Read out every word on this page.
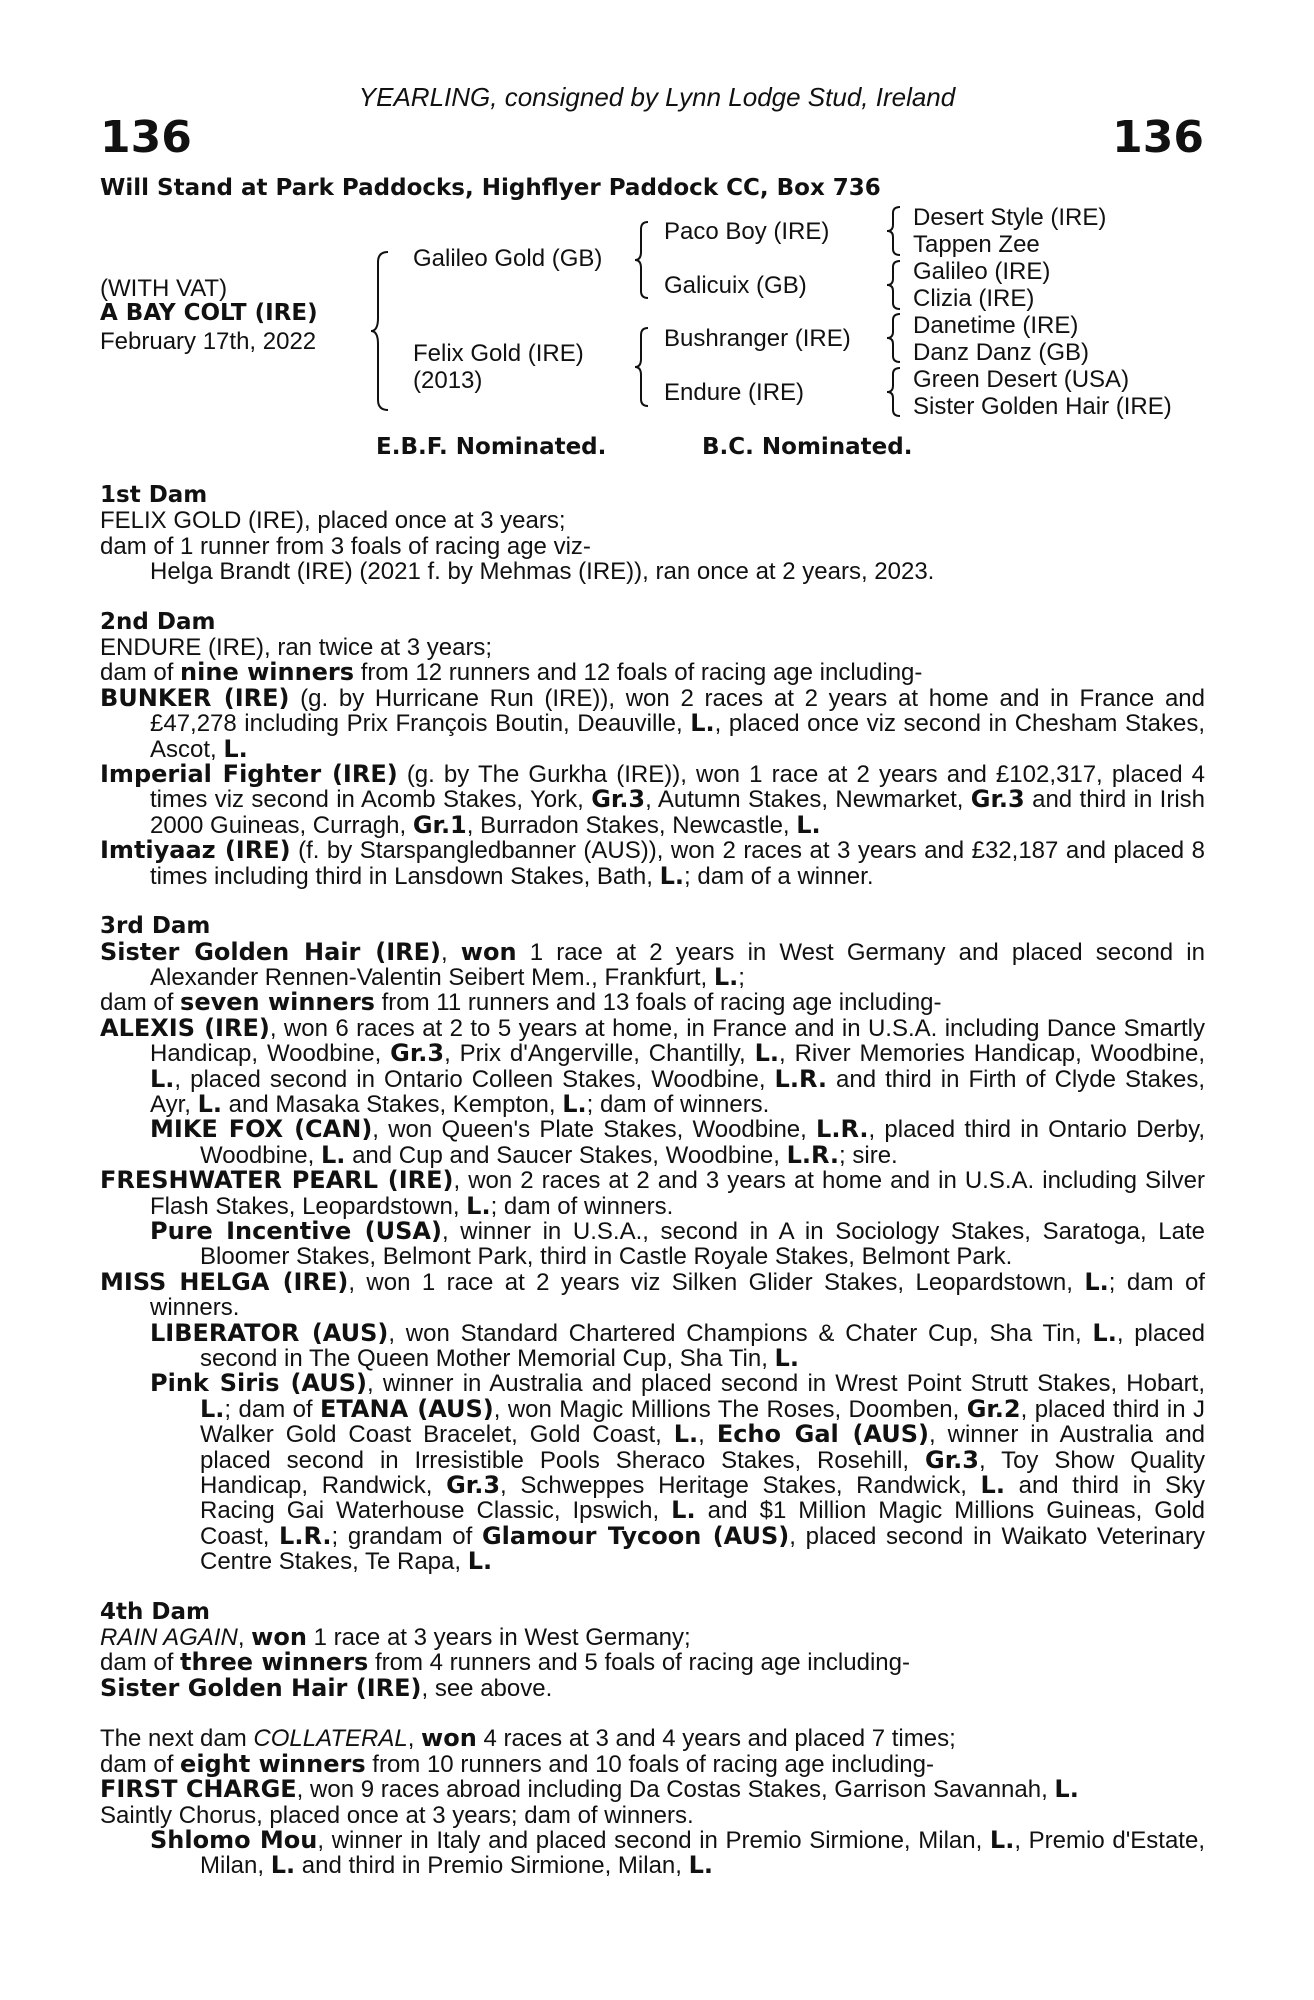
YEARLING, consigned by Lynn Lodge Stud, Ireland
136	136
Will Stand at Park Paddocks, Highflyer Paddock CC, Box 736
(WITH VAT)
A BAY COLT (IRE)
February 17th, 2022
Galileo Gold (GB)
Felix Gold (IRE)
(2013)
Paco Boy (IRE)
Galicuix (GB)
Bushranger (IRE)
Endure (IRE)
Desert Style (IRE)
Tappen Zee
Galileo (IRE)
Clizia (IRE)
Danetime (IRE)
Danz Danz (GB)
Green Desert (USA)
Sister Golden Hair (IRE)
E.B.F. Nominated.	B.C. Nominated.

1st Dam

FELIX GOLD (IRE), placed once at 3 years;

dam of 1 runner from 3 foals of racing age viz-

Helga Brandt (IRE) (2021 f. by Mehmas (IRE)), ran once at 2 years, 2023.

2nd Dam

ENDURE (IRE), ran twice at 3 years;

dam of nine winners from 12 runners and 12 foals of racing age including-

BUNKER (IRE) (g. by Hurricane Run (IRE)), won 2 races at 2 years at home and in France and £47,278 including Prix François Boutin, Deauville, L., placed once viz second in Chesham Stakes, Ascot, L.

Imperial Fighter (IRE) (g. by The Gurkha (IRE)), won 1 race at 2 years and £102,317, placed 4 times viz second in Acomb Stakes, York, Gr.3, Autumn Stakes, Newmarket, Gr.3 and third in Irish 2000 Guineas, Curragh, Gr.1, Burradon Stakes, Newcastle, L.

Imtiyaaz (IRE) (f. by Starspangledbanner (AUS)), won 2 races at 3 years and £32,187 and placed 8 times including third in Lansdown Stakes, Bath, L.; dam of a winner.

3rd Dam

Sister Golden Hair (IRE), won 1 race at 2 years in West Germany and placed second in Alexander Rennen-Valentin Seibert Mem., Frankfurt, L.;

dam of seven winners from 11 runners and 13 foals of racing age including-

ALEXIS (IRE), won 6 races at 2 to 5 years at home, in France and in U.S.A. including Dance Smartly Handicap, Woodbine, Gr.3, Prix d'Angerville, Chantilly, L., River Memories Handicap, Woodbine, L., placed second in Ontario Colleen Stakes, Woodbine, L.R. and third in Firth of Clyde Stakes, Ayr, L. and Masaka Stakes, Kempton, L.; dam of winners.

MIKE FOX (CAN), won Queen's Plate Stakes, Woodbine, L.R., placed third in Ontario Derby, Woodbine, L. and Cup and Saucer Stakes, Woodbine, L.R.; sire.

FRESHWATER PEARL (IRE), won 2 races at 2 and 3 years at home and in U.S.A. including Silver Flash Stakes, Leopardstown, L.; dam of winners.

Pure Incentive (USA), winner in U.S.A., second in A in Sociology Stakes, Saratoga, Late Bloomer Stakes, Belmont Park, third in Castle Royale Stakes, Belmont Park.

MISS HELGA (IRE), won 1 race at 2 years viz Silken Glider Stakes, Leopardstown, L.; dam of winners.

LIBERATOR (AUS), won Standard Chartered Champions & Chater Cup, Sha Tin, L., placed second in The Queen Mother Memorial Cup, Sha Tin, L.

Pink Siris (AUS), winner in Australia and placed second in Wrest Point Strutt Stakes, Hobart, L.; dam of ETANA (AUS), won Magic Millions The Roses, Doomben, Gr.2, placed third in J Walker Gold Coast Bracelet, Gold Coast, L., Echo Gal (AUS), winner in Australia and placed second in Irresistible Pools Sheraco Stakes, Rosehill, Gr.3, Toy Show Quality Handicap, Randwick, Gr.3, Schweppes Heritage Stakes, Randwick, L. and third in Sky Racing Gai Waterhouse Classic, Ipswich, L. and $1 Million Magic Millions Guineas, Gold Coast, L.R.; grandam of Glamour Tycoon (AUS), placed second in Waikato Veterinary Centre Stakes, Te Rapa, L.

4th Dam

RAIN AGAIN, won 1 race at 3 years in West Germany;

dam of three winners from 4 runners and 5 foals of racing age including-

Sister Golden Hair (IRE), see above.

The next dam COLLATERAL, won 4 races at 3 and 4 years and placed 7 times;

dam of eight winners from 10 runners and 10 foals of racing age including-

FIRST CHARGE, won 9 races abroad including Da Costas Stakes, Garrison Savannah, L.

Saintly Chorus, placed once at 3 years; dam of winners.

Shlomo Mou, winner in Italy and placed second in Premio Sirmione, Milan, L., Premio d'Estate, Milan, L. and third in Premio Sirmione, Milan, L.
